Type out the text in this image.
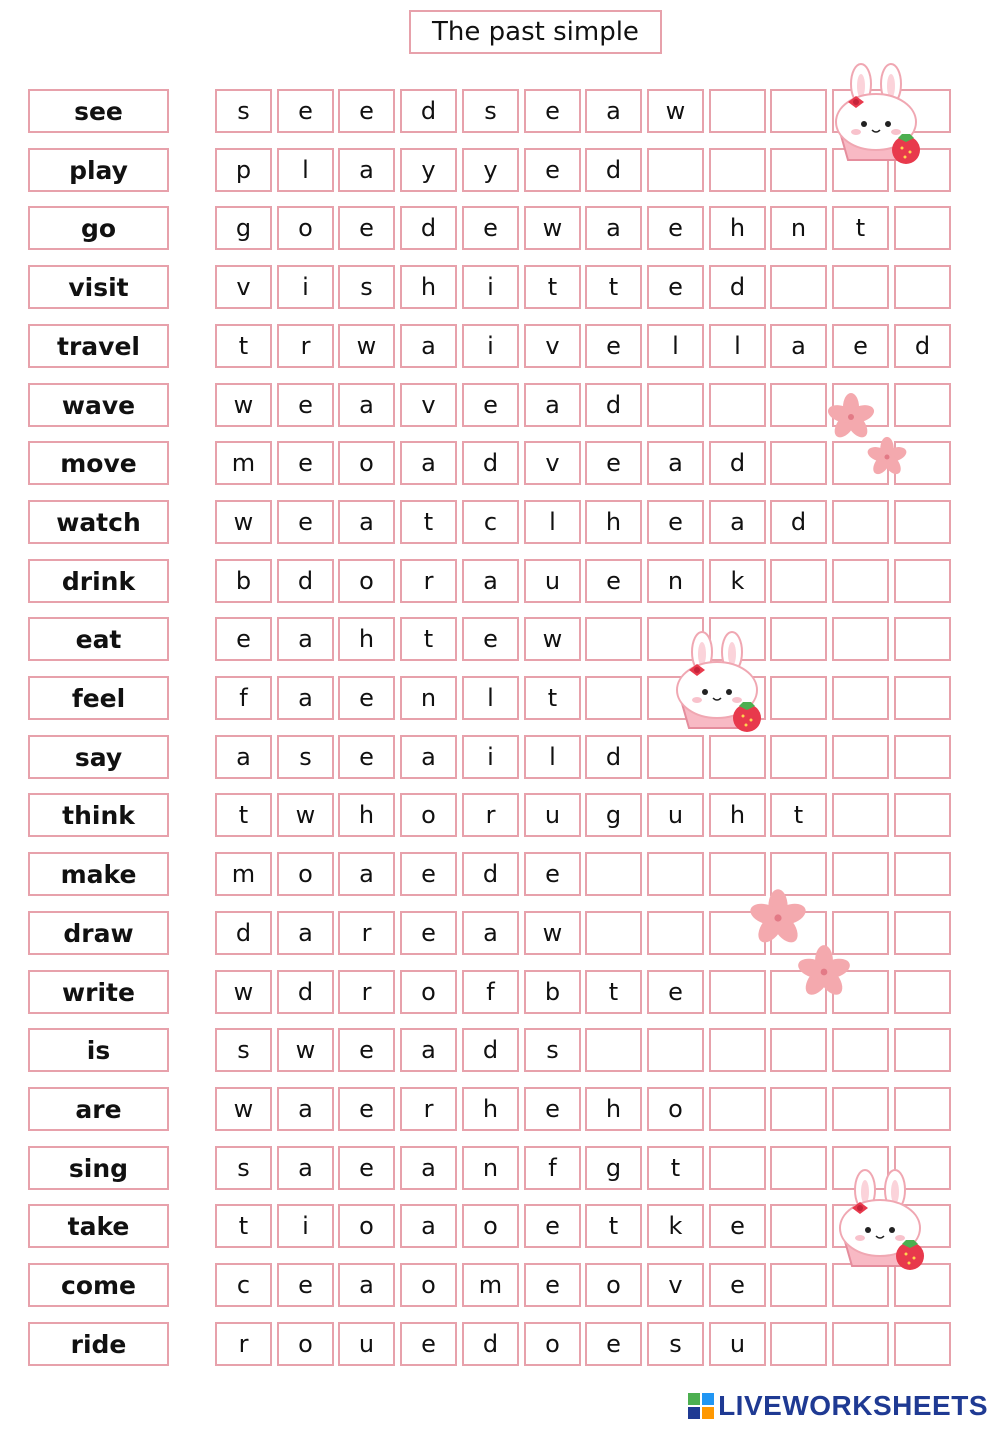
The past simple
see	s	e	e	d	s	e	a	w
play	p	l	a	y	y	e	d
go	g	o	e	d	e	w	a	e	h	n	t
visit	v	i	s	h	i	t	t	e	d
travel	t	r	w	a	i	v	e	l	l	a	e	d
wave	w	e	a	v	e	a	d
move	m	e	o	a	d	v	e	a	d
watch	w	e	a	t	c	l	h	e	a	d
drink	b	d	o	r	a	u	e	n	k
eat	e	a	h	t	e	w
feel	f	a	e	n	l	t
say	a	s	e	a	i	l	d
think	t	w	h	o	r	u	g	u	h	t
make	m	o	a	e	d	e
draw	d	a	r	e	a	w
write	w	d	r	o	f	b	t	e
is	s	w	e	a	d	s
are	w	a	e	r	h	e	h	o
sing	s	a	e	a	n	f	g	t
take	t	i	o	a	o	e	t	k	e
come	c	e	a	o	m	e	o	v	e
ride	r	o	u	e	d	o	e	s	u
LIVEWORKSHEETS
